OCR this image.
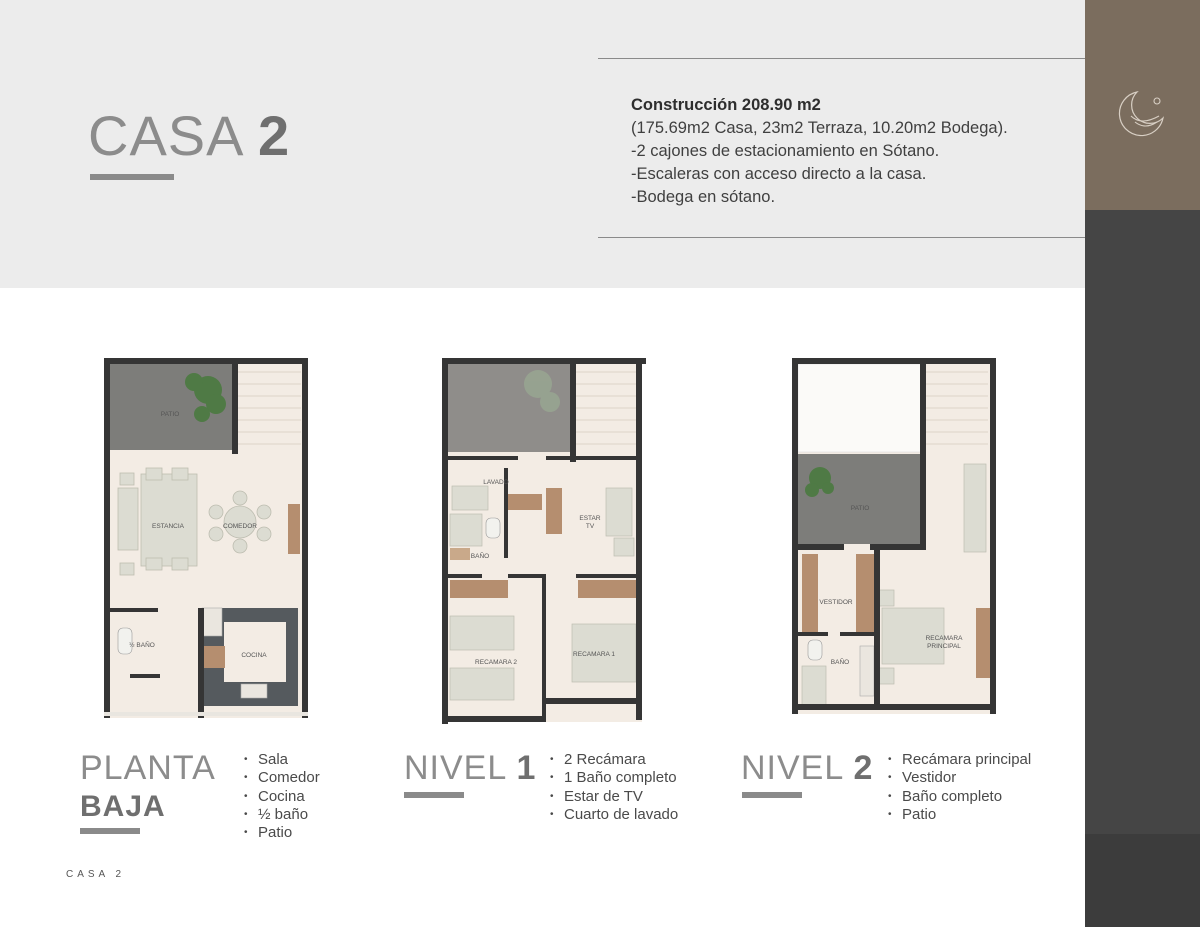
CASA 2	Construcción 208.90 m2
(175.69m2 Casa, 23m2 Terraza, 10.20m2 Bodega).
-2 cajones de estacionamiento en Sótano.
-Escaleras con acceso directo a la casa.
-Bodega en sótano.
PATIO
ESTANCIA	COMEDOR
½ BAÑO
COCINA
LAVADO
ESTAR
TV
BAÑO
RECAMARA 2
RECAMARA 1
PATIO
VESTIDOR
BAÑO
RECAMARA
PRINCIPAL
PLANTA
BAJA
• Sala
• Comedor
• Cocina
• ½ baño
• Patio
NIVEL 1	• 2 Recámara
• 1 Baño completo
• Estar de TV
• Cuarto de lavado
NIVEL 2	• Recámara principal
• Vestidor
• Baño completo
• Patio
CASA 2
